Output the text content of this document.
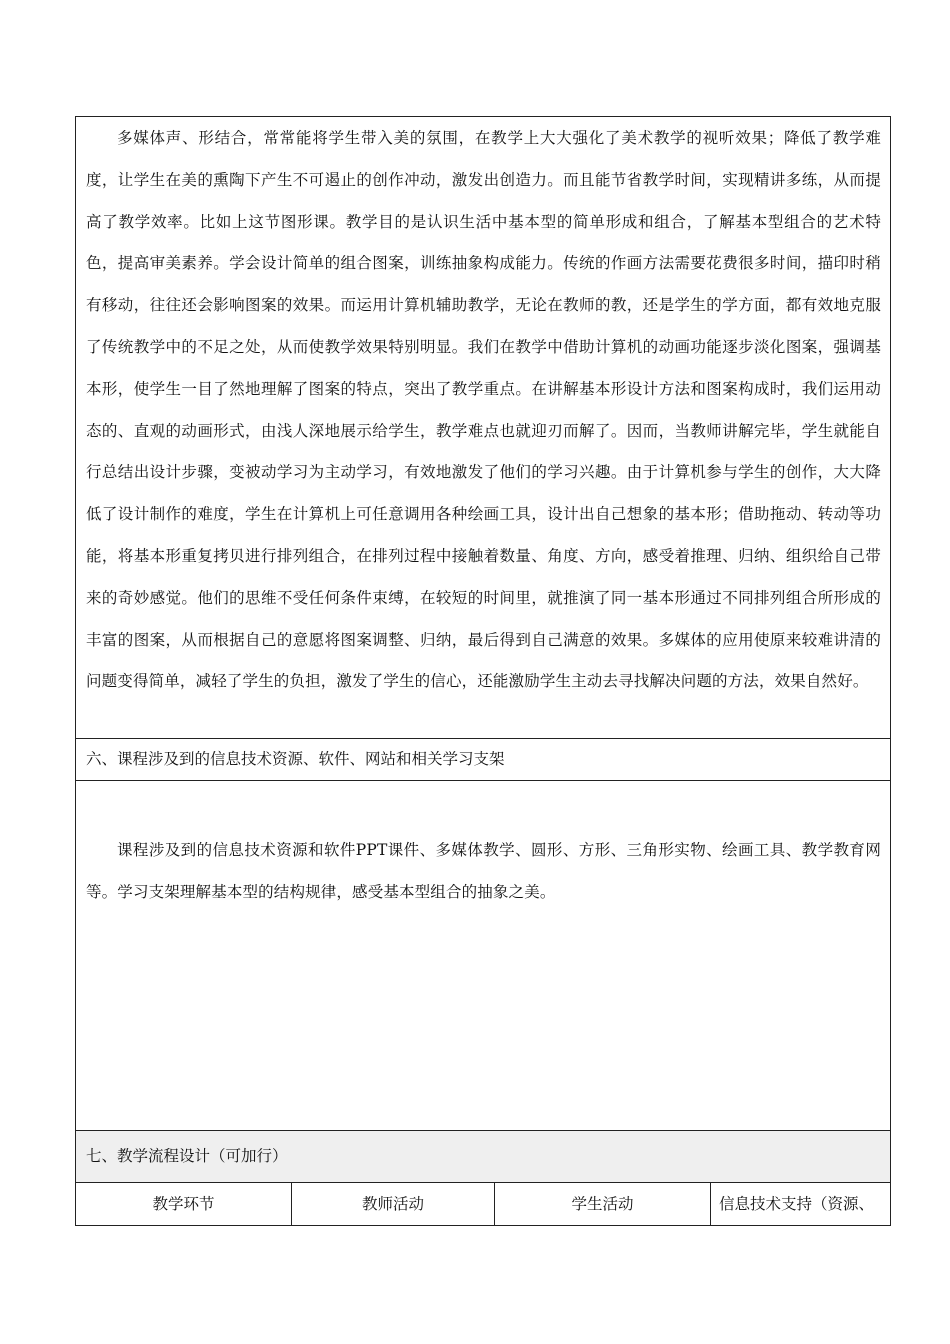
多媒体声、形结合，常常能将学生带入美的氛围，在教学上大大强化了美术教学的视听效果；降低了教学难度，让学生在美的熏陶下产生不可遏止的创作冲动，激发出创造力。而且能节省教学时间，实现精讲多练，从而提高了教学效率。比如上这节图形课。教学目的是认识生活中基本型的简单形成和组合，了解基本型组合的艺术特色，提高审美素养。学会设计简单的组合图案，训练抽象构成能力。传统的作画方法需要花费很多时间，描印时稍有移动，往往还会影响图案的效果。而运用计算机辅助教学，无论在教师的教，还是学生的学方面，都有效地克服了传统教学中的不足之处，从而使教学效果特别明显。我们在教学中借助计算机的动画功能逐步淡化图案，强调基本形，使学生一目了然地理解了图案的特点，突出了教学重点。在讲解基本形设计方法和图案构成时，我们运用动态的、直观的动画形式，由浅人深地展示给学生，教学难点也就迎刃而解了。因而，当教师讲解完毕，学生就能自行总结出设计步骤，变被动学习为主动学习，有效地激发了他们的学习兴趣。由于计算机参与学生的创作，大大降低了设计制作的难度，学生在计算机上可任意调用各种绘画工具，设计出自己想象的基本形；借助拖动、转动等功能，将基本形重复拷贝进行排列组合，在排列过程中接触着数量、角度、方向，感受着推理、归纳、组织给自己带来的奇妙感觉。他们的思维不受任何条件束缚，在较短的时间里，就推演了同一基本形通过不同排列组合所形成的丰富的图案，从而根据自己的意愿将图案调整、归纳，最后得到自己满意的效果。多媒体的应用使原来较难讲清的问题变得简单，减轻了学生的负担，激发了学生的信心，还能激励学生主动去寻找解决问题的方法，效果自然好。

六、课程涉及到的信息技术资源、软件、网站和相关学习支架

课程涉及到的信息技术资源和软件PPT课件、多媒体教学、圆形、方形、三角形实物、绘画工具、教学教育网等。学习支架理解基本型的结构规律，感受基本型组合的抽象之美。

七、教学流程设计（可加行）
教学环节	教师活动	学生活动	信息技术支持（资源、
